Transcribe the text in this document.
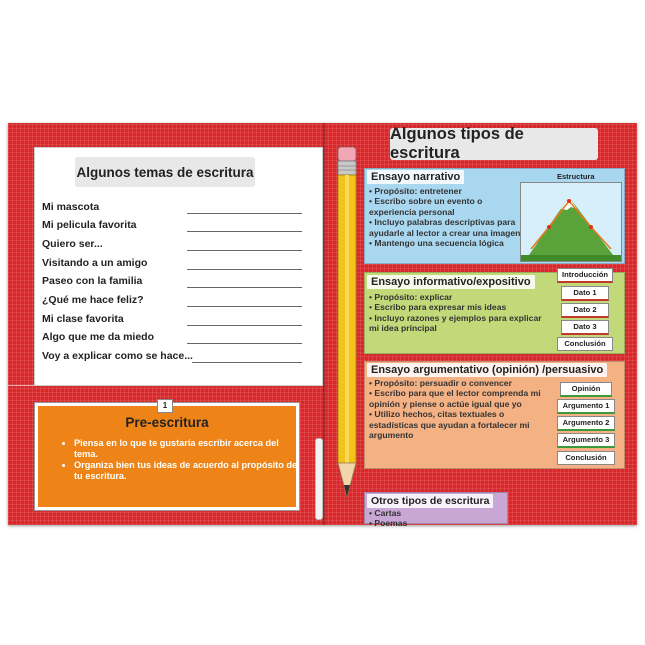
Algunos temas de escritura
Mi mascota
Mi pelicula favorita
Quiero ser...
Visitando a un amigo
Paseo con la familia
¿Qué me hace feliz?
Mi clase favorita
Algo que me da miedo
Voy a explicar como se hace...
1
Pre-escritura
• Piensa en lo que te gustaría escribir acerca del tema.
• Organiza bien tus ideas de acuerdo al propósito de tu escritura.
Algunos tipos de escritura
Ensayo narrativo
• Propósito: entretener
• Escribo sobre un evento o experiencia personal
• Incluyo palabras descriptivas para ayudarle al lector a crear una imagen
• Mantengo una secuencia lógica
Estructura
Ensayo informativo/expositivo
• Propósito: explicar
• Escribo para expresar mis ideas
• Incluyo razones y ejemplos para explicar mi idea principal
Introducción
Dato 1
Dato 2
Dato 3
Conclusión
Ensayo argumentativo (opinión) /persuasivo
• Propósito: persuadir o convencer
• Escribo para que el lector comprenda mi opinión y piense o actúe igual que yo
• Utilizo hechos, citas textuales o estadísticas que ayudan a fortalecer mi argumento
Opinión
Argumento 1
Argumento 2
Argumento 3
Conclusión
Otros tipos de escritura
• Cartas
• Poemas
